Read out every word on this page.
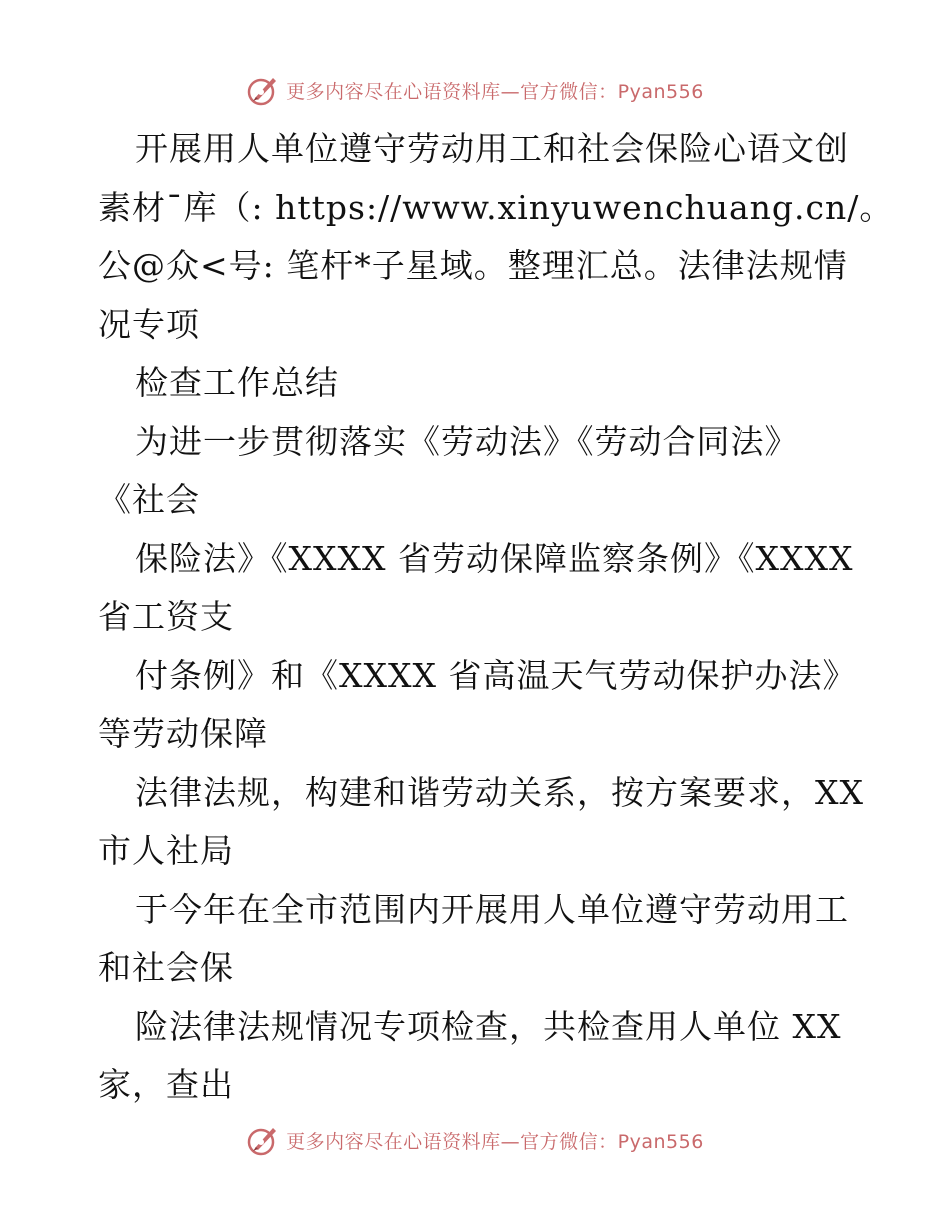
更多内容尽在心语资料库—官方微信：Pyan556
开展用人单位遵守劳动用工和社会保险心语文创
素材¯库（: https://www.xinyuwenchuang.cn/。
公@众<号: 笔杆*子星域。整理汇总。法律法规情
况专项
检查工作总结
为进一步贯彻落实《劳动法》《劳动合同法》
《社会
保险法》《XXXX 省劳动保障监察条例》《XXXX
省工资支
付条例》和《XXXX 省高温天气劳动保护办法》
等劳动保障
法律法规，构建和谐劳动关系，按方案要求，XX
市人社局
于今年在全市范围内开展用人单位遵守劳动用工
和社会保
险法律法规情况专项检查，共检查用人单位 XX
家，查出
更多内容尽在心语资料库—官方微信：Pyan556
